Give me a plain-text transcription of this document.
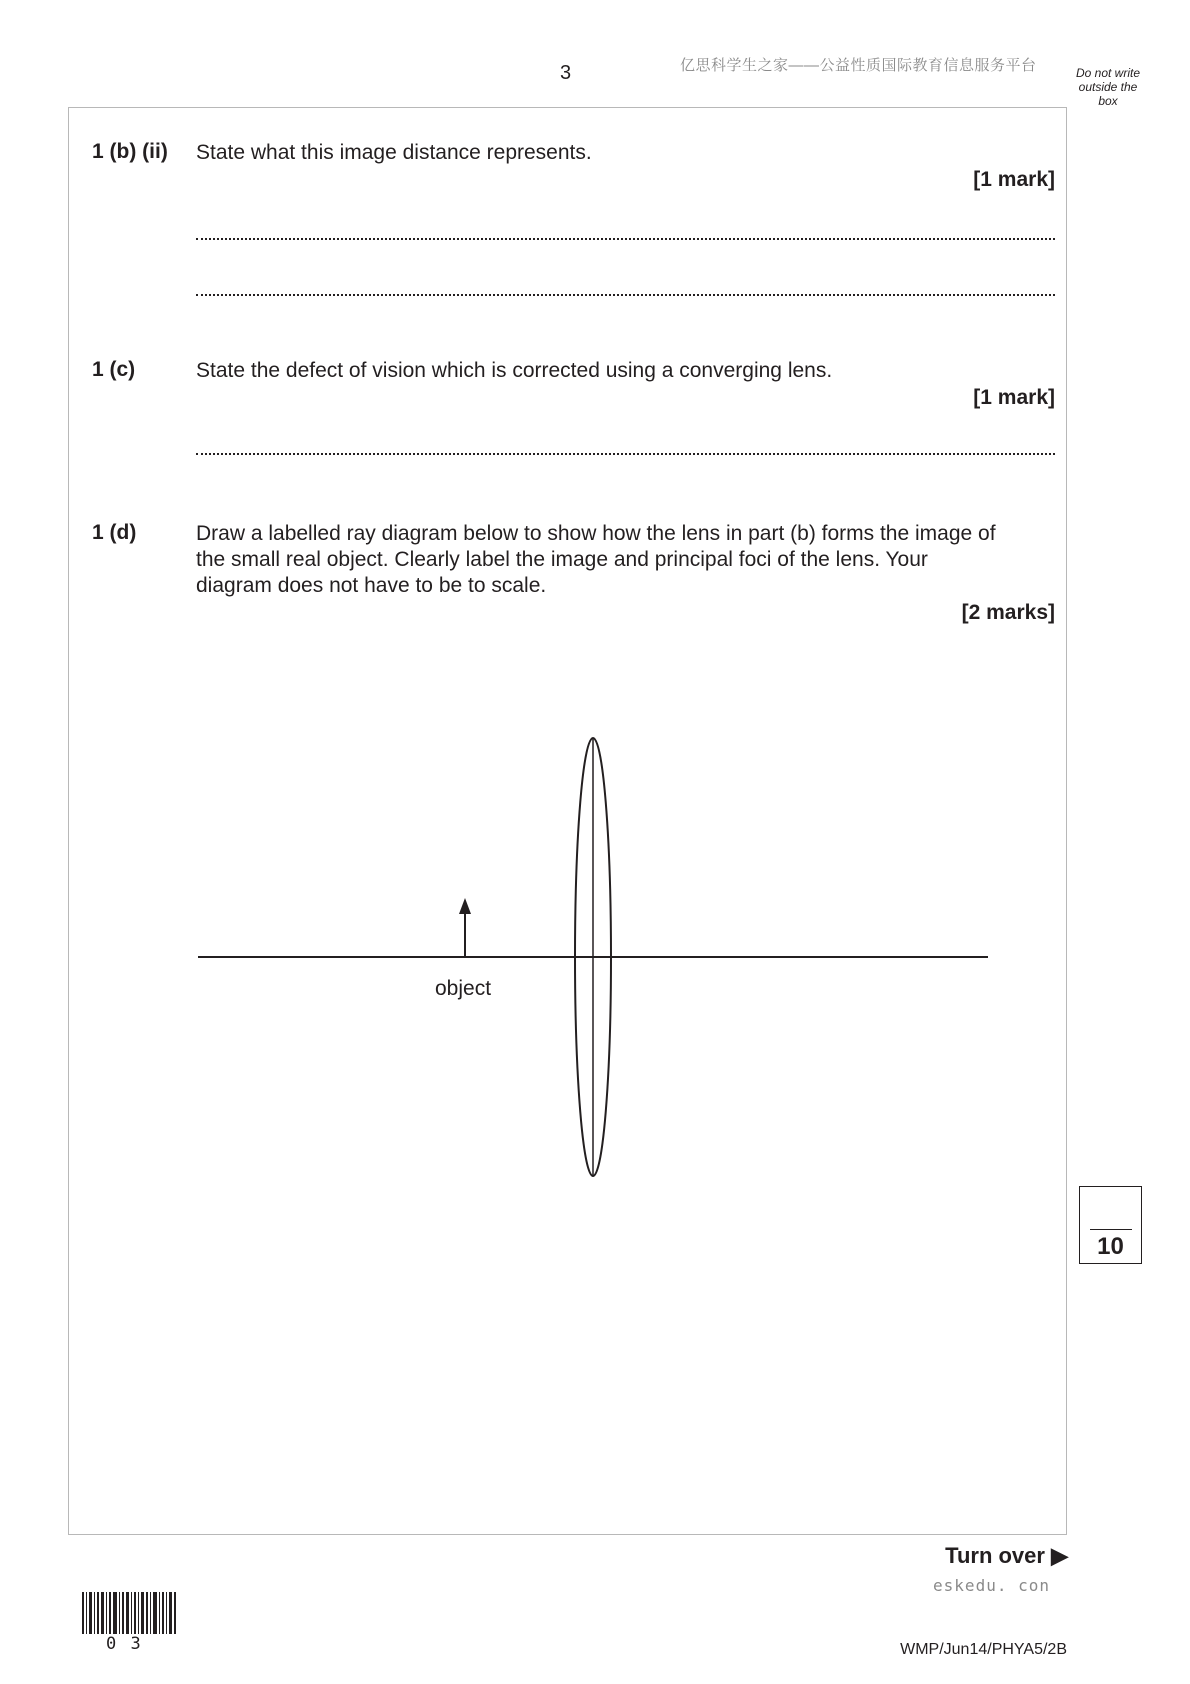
3	亿思科学生之家——公益性质国际教育信息服务平台	Do not write outside the box
1 (b) (ii) State what this image distance represents.
[1 mark]
1 (c)	State the defect of vision which is corrected using a converging lens.
[1 mark]
1 (d)	Draw a labelled ray diagram below to show how the lens in part (b) forms the image of
the small real object. Clearly label the image and principal foci of the lens. Your
diagram does not have to be to scale.
[2 marks]
object
10
Turn over ▶
eskedu. con
0 3	WMP/Jun14/PHYA5/2B
